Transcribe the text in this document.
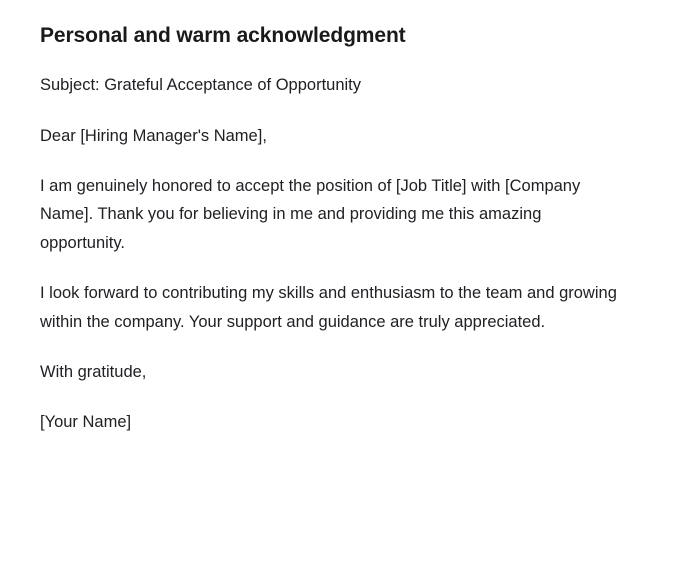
Personal and warm acknowledgment

Subject: Grateful Acceptance of Opportunity

Dear [Hiring Manager's Name],

I am genuinely honored to accept the position of [Job Title] with [Company Name]. Thank you for believing in me and providing me this amazing opportunity.

I look forward to contributing my skills and enthusiasm to the team and growing within the company. Your support and guidance are truly appreciated.

With gratitude,

[Your Name]
